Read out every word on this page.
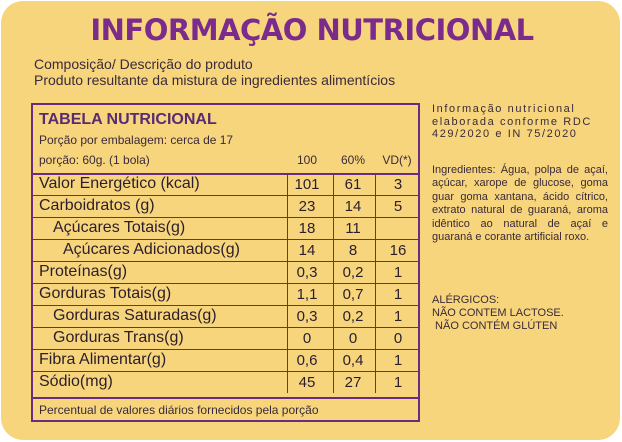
INFORMAÇÃO NUTRICIONAL
Composição/ Descrição do produto
Produto resultante da mistura de ingredientes alimentícios
TABELA NUTRICIONAL
Porção por embalagem: cerca de 17
porção: 60g. (1 bola)	100	60%	VD(*)
Valor Energético (kcal)	101	61	3
Carboidratos (g)	23	14	5
Açúcares Totais(g)	18	11
Açúcares Adicionados(g)	14	8	16
Proteínas(g)	0,3	0,2	1
Gorduras Totais(g)	1,1	0,7	1
Gorduras Saturadas(g)	0,3	0,2	1
Gorduras Trans(g)	0	0	0
Fibra Alimentar(g)	0,6	0,4	1
Sódio(mg)	45	27	1
Percentual de valores diários fornecidos pela porção
Informação nutricional
elaborada conforme RDC
429/2020 e IN 75/2020
Ingredientes: Água, polpa de açaí, açúcar, xarope de glucose, goma guar goma xantana, ácido cítrico, extrato natural de guaraná, aroma idêntico ao natural de açaí e guaraná e corante artificial roxo.
ALÉRGICOS:
NÃO CONTEM LACTOSE.
NÃO CONTÉM GLÚTEN
